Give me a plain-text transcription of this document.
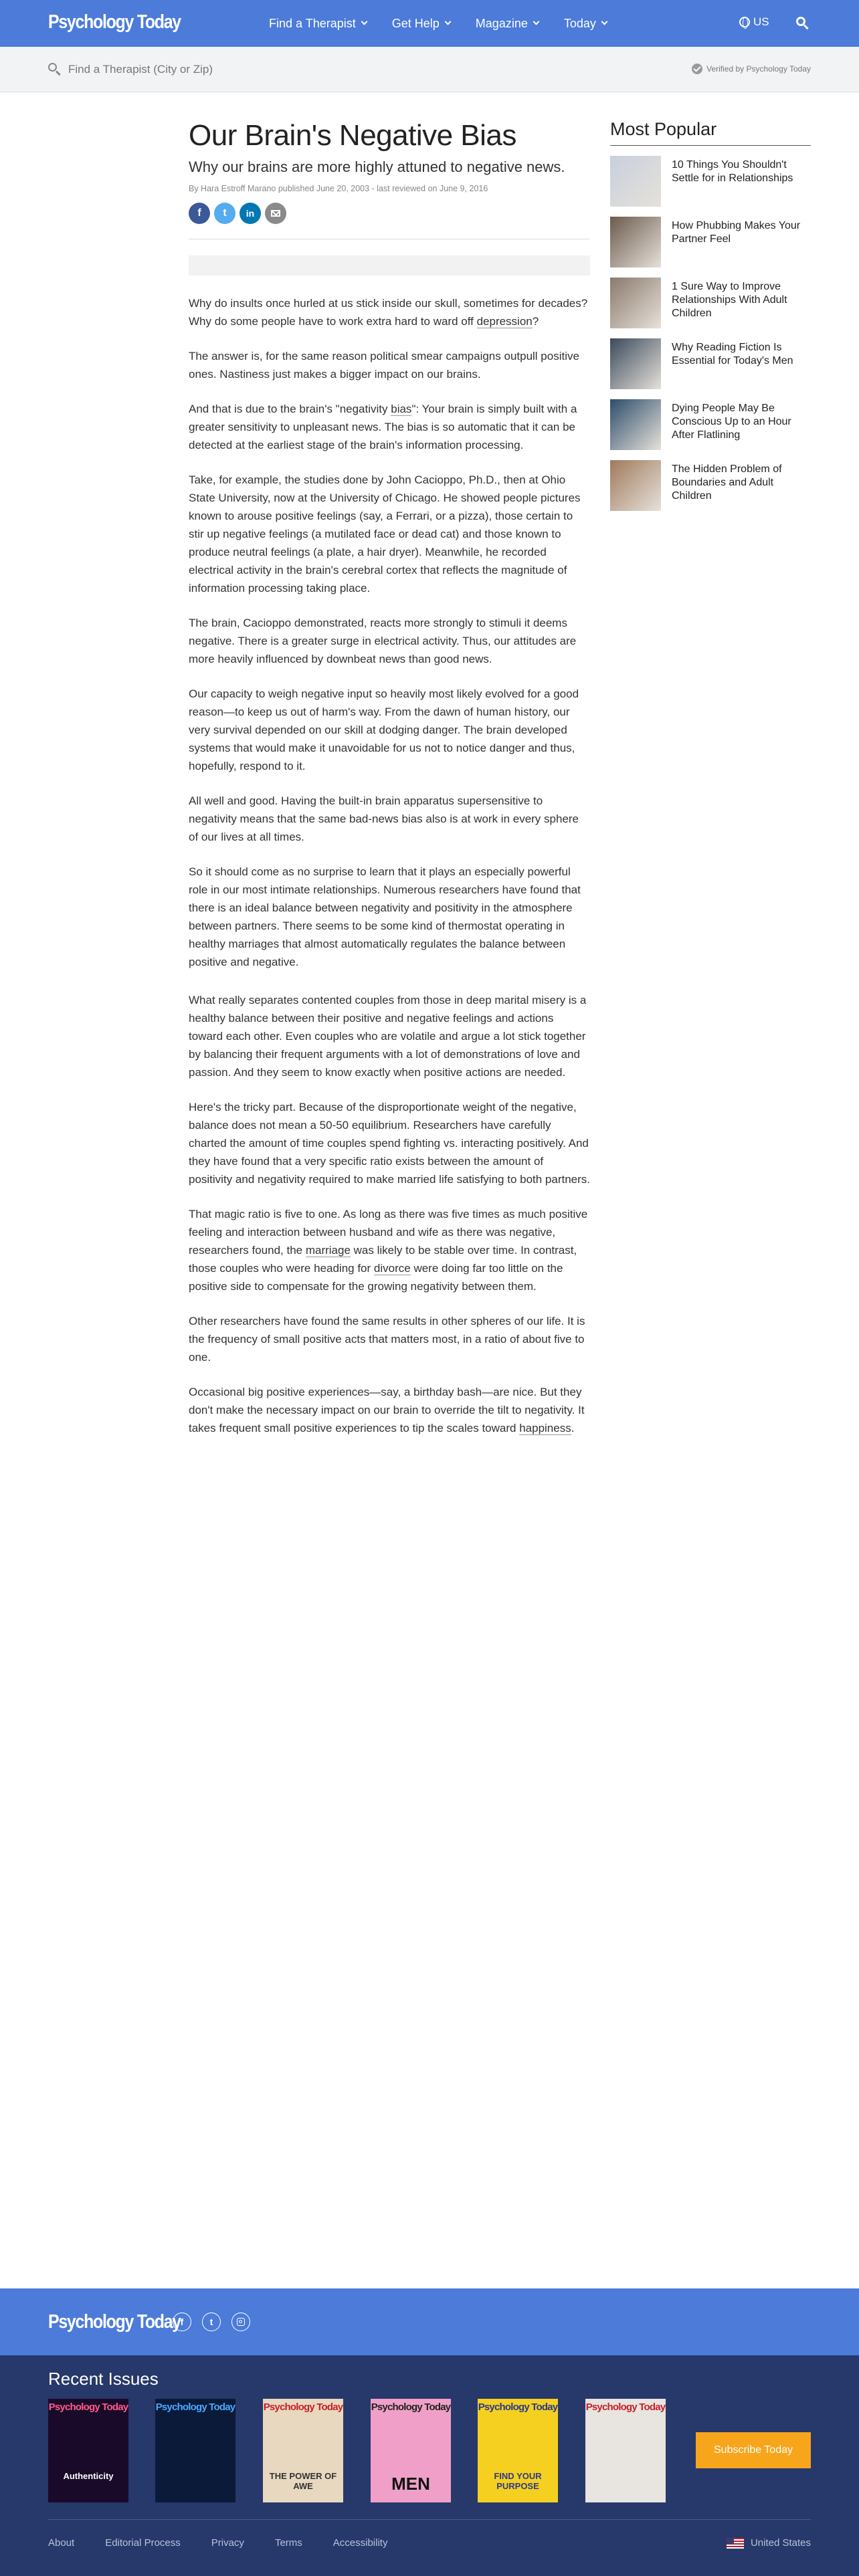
Psychology Today	Find a Therapist	Get Help	Magazine	Today	US
Find a Therapist (City or Zip)
Verified by Psychology Today
Our Brain's Negative Bias
Why our brains are more highly attuned to negative news.
By Hara Estroff Marano published June 20, 2003 - last reviewed on June 9, 2016
f t in

Why do insults once hurled at us stick inside our skull, sometimes for decades? Why do some people have to work extra hard to ward off depression?

The answer is, for the same reason political smear campaigns outpull positive ones. Nastiness just makes a bigger impact on our brains.

And that is due to the brain's "negativity bias": Your brain is simply built with a greater sensitivity to unpleasant news. The bias is so automatic that it can be detected at the earliest stage of the brain's information processing.

Take, for example, the studies done by John Cacioppo, Ph.D., then at Ohio State University, now at the University of Chicago. He showed people pictures known to arouse positive feelings (say, a Ferrari, or a pizza), those certain to stir up negative feelings (a mutilated face or dead cat) and those known to produce neutral feelings (a plate, a hair dryer). Meanwhile, he recorded electrical activity in the brain's cerebral cortex that reflects the magnitude of information processing taking place.

The brain, Cacioppo demonstrated, reacts more strongly to stimuli it deems negative. There is a greater surge in electrical activity. Thus, our attitudes are more heavily influenced by downbeat news than good news.

Our capacity to weigh negative input so heavily most likely evolved for a good reason—to keep us out of harm's way. From the dawn of human history, our very survival depended on our skill at dodging danger. The brain developed systems that would make it unavoidable for us not to notice danger and thus, hopefully, respond to it.

All well and good. Having the built-in brain apparatus supersensitive to negativity means that the same bad-news bias also is at work in every sphere of our lives at all times.

So it should come as no surprise to learn that it plays an especially powerful role in our most intimate relationships. Numerous researchers have found that there is an ideal balance between negativity and positivity in the atmosphere between partners. There seems to be some kind of thermostat operating in healthy marriages that almost automatically regulates the balance between positive and negative.

What really separates contented couples from those in deep marital misery is a healthy balance between their positive and negative feelings and actions toward each other. Even couples who are volatile and argue a lot stick together by balancing their frequent arguments with a lot of demonstrations of love and passion. And they seem to know exactly when positive actions are needed.

Here's the tricky part. Because of the disproportionate weight of the negative, balance does not mean a 50-50 equilibrium. Researchers have carefully charted the amount of time couples spend fighting vs. interacting positively. And they have found that a very specific ratio exists between the amount of positivity and negativity required to make married life satisfying to both partners.

That magic ratio is five to one. As long as there was five times as much positive feeling and interaction between husband and wife as there was negative, researchers found, the marriage was likely to be stable over time. In contrast, those couples who were heading for divorce were doing far too little on the positive side to compensate for the growing negativity between them.

Other researchers have found the same results in other spheres of our life. It is the frequency of small positive acts that matters most, in a ratio of about five to one.

Occasional big positive experiences—say, a birthday bash—are nice. But they don't make the necessary impact on our brain to override the tilt to negativity. It takes frequent small positive experiences to tip the scales toward happiness.

Most Popular
10 Things You Shouldn't Settle for in Relationships
How Phubbing Makes Your Partner Feel
1 Sure Way to Improve Relationships With Adult Children
Why Reading Fiction Is Essential for Today's Men
Dying People May Be Conscious Up to an Hour After Flatlining
The Hidden Problem of Boundaries and Adult Children
Psychology Today f	t
Recent Issues
Psychology Today
Authenticity
Psychology Today	Psychology Today
THE POWER OF AWE
Psychology Today
MEN
Psychology Today
FIND YOUR PURPOSE
Psychology Today
Subscribe Today
About	Editorial Process	Privacy	Terms	Accessibility	United States
